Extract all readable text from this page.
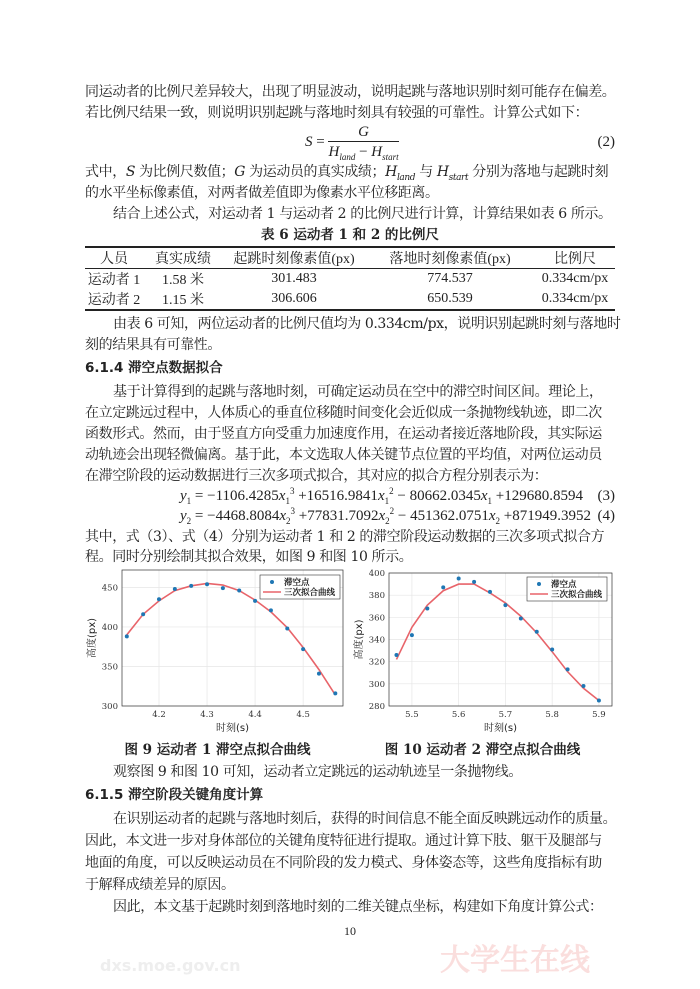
同运动者的比例尺差异较大，出现了明显波动，说明起跳与落地识别时刻可能存在偏差。
若比例尺结果一致，则说明识别起跳与落地时刻具有较强的可靠性。计算公式如下：
$S = \frac{G}{H_{land} - H_{start}}$	(2)
式中，S 为比例尺数值；G 为运动员的真实成绩；$H_{land}$ 与 $H_{start}$ 分别为落地与起跳时刻
的水平坐标像素值，对两者做差值即为像素水平位移距离。
结合上述公式，对运动者 1 与运动者 2 的比例尺进行计算，计算结果如表 6 所示。
表 6 运动者 1 和 2 的比例尺
人员	真实成绩	起跳时刻像素值(px)	落地时刻像素值(px)	比例尺
运动者 1	1.58 米	301.483	774.537	0.334cm/px
运动者 2	1.15 米	306.606	650.539	0.334cm/px
由表 6 可知，两位运动者的比例尺值均为 0.334cm/px，说明识别起跳时刻与落地时
刻的结果具有可靠性。
6.1.4 滞空点数据拟合
基于计算得到的起跳与落地时刻，可确定运动员在空中的滞空时间区间。理论上，
在立定跳远过程中，人体质心的垂直位移随时间变化会近似成一条抛物线轨迹，即二次
函数形式。然而，由于竖直方向受重力加速度作用，在运动者接近落地阶段，其实际运
动轨迹会出现轻微偏离。基于此，本文选取人体关键节点位置的平均值，对两位运动员
在滞空阶段的运动数据进行三次多项式拟合，其对应的拟合方程分别表示为：
$y_1 = -1106.4285x_1^3 +16516.9841x_1^2 - 80662.0345x_1 +129680.8594$ (3)
$y_2 = -4468.8084x_2^3 +77831.7092x_2^2 - 451362.0751x_2 +871949.3952$ (4)
其中，式（3）、式（4）分别为运动者 1 和 2 的滞空阶段运动数据的三次多项式拟合方
程。同时分别绘制其拟合效果，如图 9 和图 10 所示。
300
350
400
450
4.2	4.3	4.4	4.5
时刻(s)
高度(px)
滞空点
三次拟合曲线
280
300
320
340
360
380
400
5.5	5.6	5.7	5.8	5.9
时刻(s)
高度(px)
滞空点
三次拟合曲线
图 9 运动者 1 滞空点拟合曲线	图 10 运动者 2 滞空点拟合曲线
观察图 9 和图 10 可知，运动者立定跳远的运动轨迹呈一条抛物线。
6.1.5 滞空阶段关键角度计算
在识别运动者的起跳与落地时刻后，获得的时间信息不能全面反映跳远动作的质量。
因此，本文进一步对身体部位的关键角度特征进行提取。通过计算下肢、躯干及腿部与
地面的角度，可以反映运动员在不同阶段的发力模式、身体姿态等，这些角度指标有助
于解释成绩差异的原因。
因此，本文基于起跳时刻到落地时刻的二维关键点坐标，构建如下角度计算公式：
10
大学生在线
dxs.moe.gov.cn
